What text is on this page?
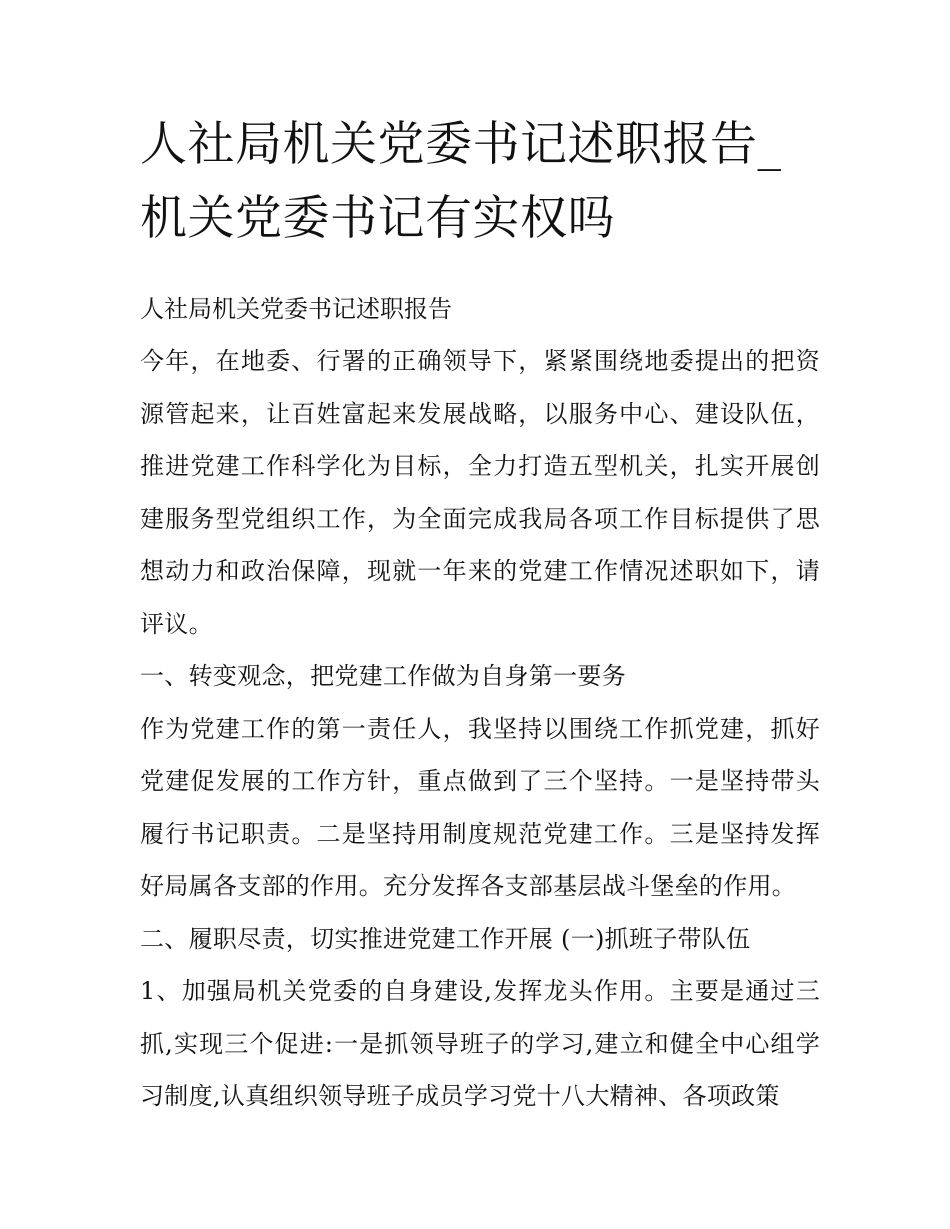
人社局机关党委书记述职报告_机关党委书记有实权吗
人社局机关党委书记述职报告

今年，在地委、行署的正确领导下，紧紧围绕地委提出的把资源管起来，让百姓富起来发展战略，以服务中心、建设队伍，推进党建工作科学化为目标，全力打造五型机关，扎实开展创建服务型党组织工作，为全面完成我局各项工作目标提供了思想动力和政治保障，现就一年来的党建工作情况述职如下，请评议。

一、转变观念，把党建工作做为自身第一要务

作为党建工作的第一责任人，我坚持以围绕工作抓党建，抓好党建促发展的工作方针，重点做到了三个坚持。一是坚持带头履行书记职责。二是坚持用制度规范党建工作。三是坚持发挥好局属各支部的作用。充分发挥各支部基层战斗堡垒的作用。

二、履职尽责，切实推进党建工作开展 (一)抓班子带队伍

1、加强局机关党委的自身建设,发挥龙头作用。主要是通过三抓,实现三个促进:一是抓领导班子的学习,建立和健全中心组学习制度,认真组织领导班子成员学习党十八大精神、各项政策
